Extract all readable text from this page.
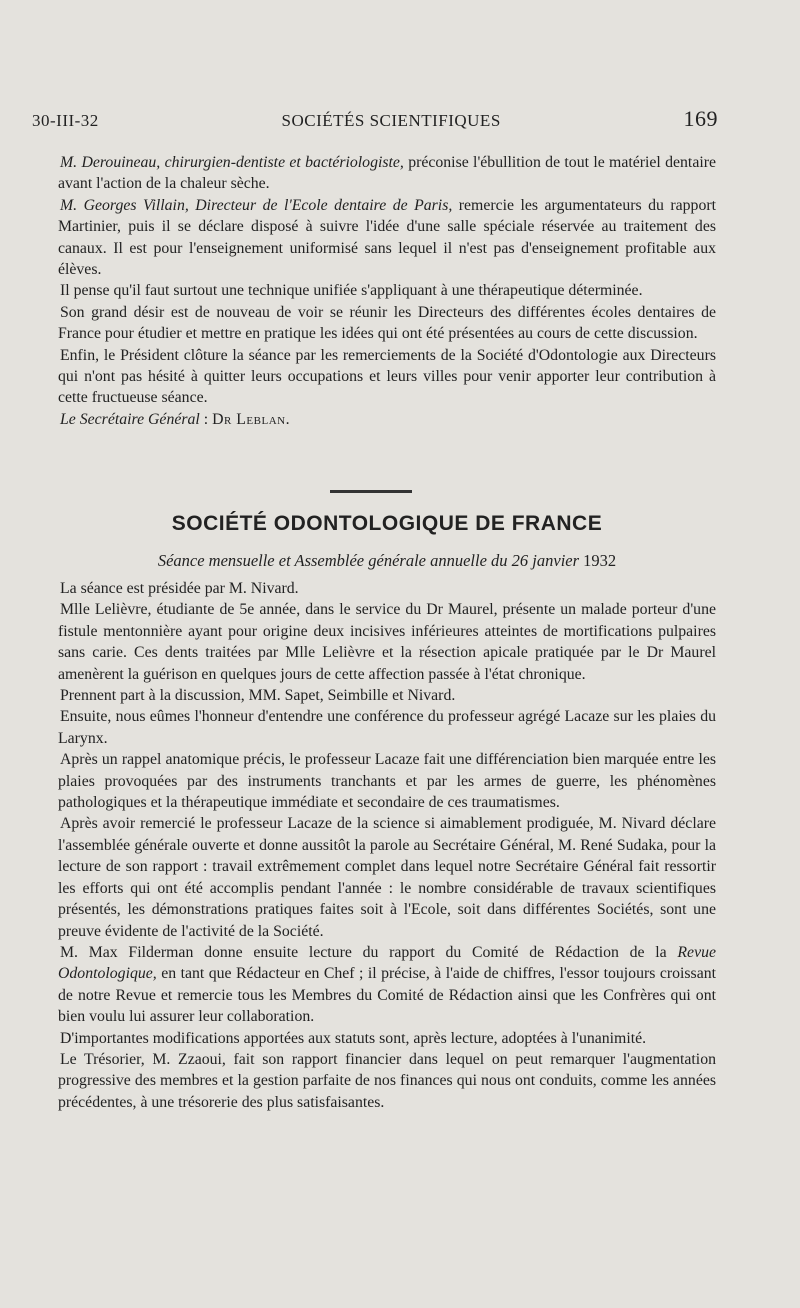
30-III-32	SOCIÉTÉS SCIENTIFIQUES	169

M. Derouineau, chirurgien-dentiste et bactériologiste, préconise l'ébullition de tout le matériel dentaire avant l'action de la chaleur sèche.

M. Georges Villain, Directeur de l'Ecole dentaire de Paris, remercie les argumentateurs du rapport Martinier, puis il se déclare disposé à suivre l'idée d'une salle spéciale réservée au traitement des canaux. Il est pour l'enseignement uniformisé sans lequel il n'est pas d'enseignement profitable aux élèves.

Il pense qu'il faut surtout une technique unifiée s'appliquant à une thérapeutique déterminée.

Son grand désir est de nouveau de voir se réunir les Directeurs des différentes écoles dentaires de France pour étudier et mettre en pratique les idées qui ont été présentées au cours de cette discussion.

Enfin, le Président clôture la séance par les remerciements de la Société d'Odontologie aux Directeurs qui n'ont pas hésité à quitter leurs occupations et leurs villes pour venir apporter leur contribution à cette fructueuse séance.

Le Secrétaire Général : Dr Leblan.

SOCIÉTÉ ODONTOLOGIQUE DE FRANCE
Séance mensuelle et Assemblée générale annuelle du 26 janvier 1932

La séance est présidée par M. Nivard.

Mlle Lelièvre, étudiante de 5e année, dans le service du Dr Maurel, présente un malade porteur d'une fistule mentonnière ayant pour origine deux incisives inférieures atteintes de mortifications pulpaires sans carie. Ces dents traitées par Mlle Lelièvre et la résection apicale pratiquée par le Dr Maurel amenèrent la guérison en quelques jours de cette affection passée à l'état chronique.

Prennent part à la discussion, MM. Sapet, Seimbille et Nivard.

Ensuite, nous eûmes l'honneur d'entendre une conférence du professeur agrégé Lacaze sur les plaies du Larynx.

Après un rappel anatomique précis, le professeur Lacaze fait une différenciation bien marquée entre les plaies provoquées par des instruments tranchants et par les armes de guerre, les phénomènes pathologiques et la thérapeutique immédiate et secondaire de ces traumatismes.

Après avoir remercié le professeur Lacaze de la science si aimablement prodiguée, M. Nivard déclare l'assemblée générale ouverte et donne aussitôt la parole au Secrétaire Général, M. René Sudaka, pour la lecture de son rapport : travail extrêmement complet dans lequel notre Secrétaire Général fait ressortir les efforts qui ont été accomplis pendant l'année : le nombre considérable de travaux scientifiques présentés, les démonstrations pratiques faites soit à l'Ecole, soit dans différentes Sociétés, sont une preuve évidente de l'activité de la Société.

M. Max Filderman donne ensuite lecture du rapport du Comité de Rédaction de la Revue Odontologique, en tant que Rédacteur en Chef ; il précise, à l'aide de chiffres, l'essor toujours croissant de notre Revue et remercie tous les Membres du Comité de Rédaction ainsi que les Confrères qui ont bien voulu lui assurer leur collaboration.

D'importantes modifications apportées aux statuts sont, après lecture, adoptées à l'unanimité.

Le Trésorier, M. Zzaoui, fait son rapport financier dans lequel on peut remarquer l'augmentation progressive des membres et la gestion parfaite de nos finances qui nous ont conduits, comme les années précédentes, à une trésorerie des plus satisfaisantes.
